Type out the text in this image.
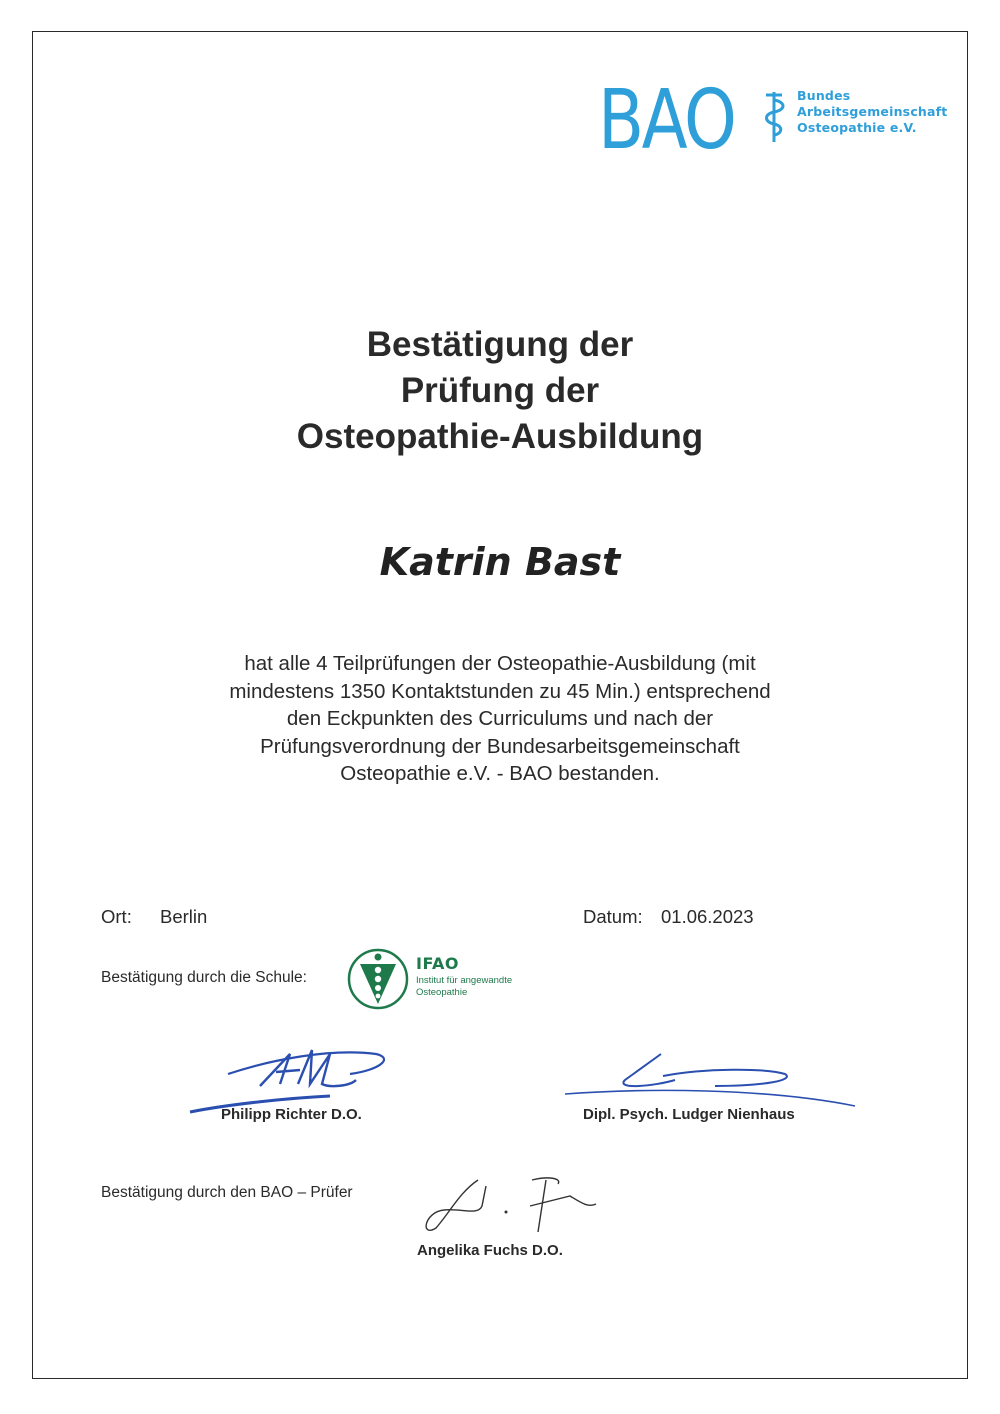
BAO	Bundes
Arbeitsgemeinschaft
Osteopathie e.V.
Bestätigung der
Prüfung der
Osteopathie-Ausbildung
Katrin Bast
hat alle 4 Teilprüfungen der Osteopathie-Ausbildung (mit
mindestens 1350 Kontaktstunden zu 45 Min.) entsprechend
den Eckpunkten des Curriculums und nach der
Prüfungsverordnung der Bundesarbeitsgemeinschaft
Osteopathie e.V. - BAO bestanden.
Ort: Berlin	Datum: 01.06.2023
Bestätigung durch die Schule:
IFAO
Institut für angewandte
Osteopathie
Philipp Richter D.O.	Dipl. Psych. Ludger Nienhaus
Bestätigung durch den BAO – Prüfer
Angelika Fuchs D.O.
